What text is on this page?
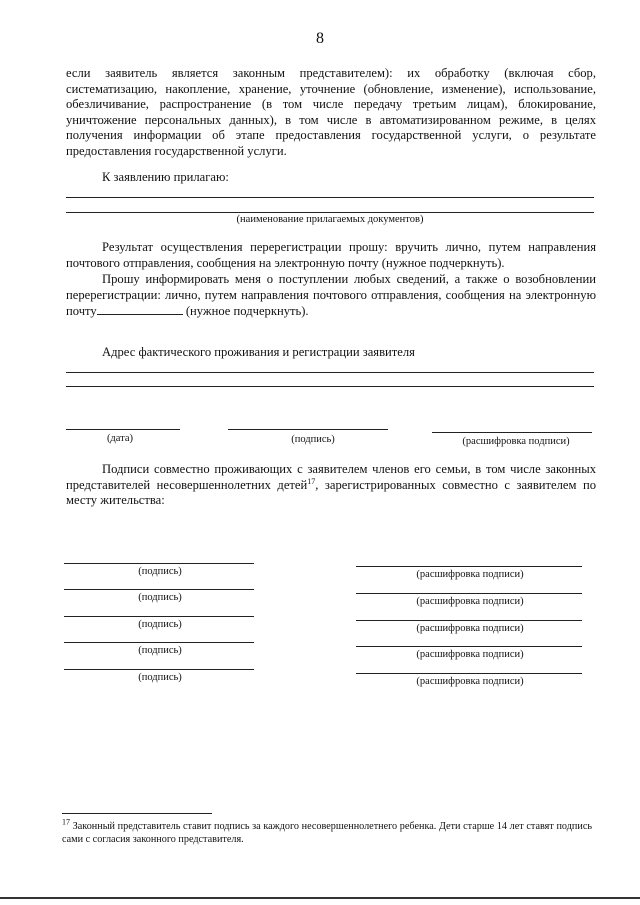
8
если заявитель является законным представителем): их обработку (включая сбор, систематизацию, накопление, хранение, уточнение (обновление, изменение), использование, обезличивание, распространение (в том числе передачу третьим лицам), блокирование, уничтожение персональных данных), в том числе в автоматизированном режиме, в целях получения информации об этапе предоставления государственной услуги, о результате предоставления государственной услуги.
К заявлению прилагаю:
(наименование прилагаемых документов)
Результат осуществления перерегистрации прошу: вручить лично, путем направления почтового отправления, сообщения на электронную почту (нужное подчеркнуть).
Прошу информировать меня о поступлении любых сведений, а также о возобновлении перерегистрации: лично, путем направления почтового отправления, сообщения на электронную почту	(нужное подчеркнуть).
Адрес фактического проживания и регистрации заявителя
(дата)	(подпись)	(расшифровка подписи)
Подписи совместно проживающих с заявителем членов его семьи, в том числе законных представителей несовершеннолетних детей$^{17}$, зарегистрированных совместно с заявителем по месту жительства:
(подпись)	(расшифровка подписи)
(подпись)	(расшифровка подписи)
(подпись)	(расшифровка подписи)
(подпись)	(расшифровка подписи)
(подпись)	(расшифровка подписи)
$^{17}$ Законный представитель ставит подпись за каждого несовершеннолетнего ребенка. Дети старше 14 лет ставят подпись сами с согласия законного представителя.
